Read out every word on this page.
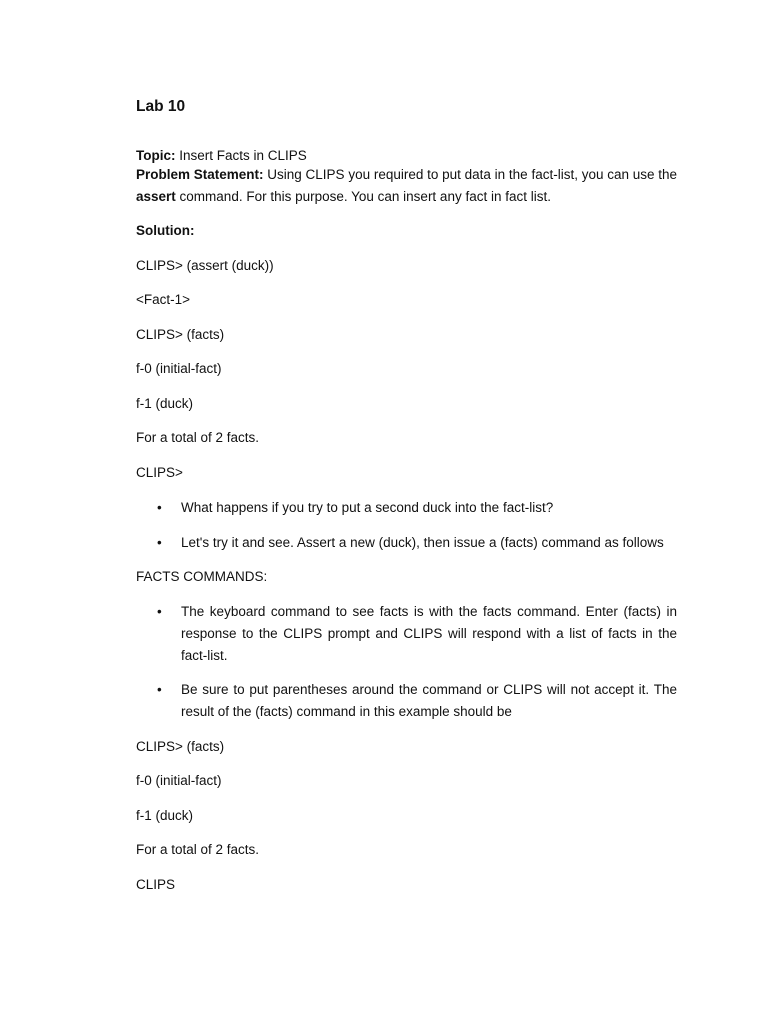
Lab 10
Topic: Insert Facts in CLIPS
Problem Statement: Using CLIPS you required to put data in the fact-list, you can use the assert command. For this purpose. You can insert any fact in fact list.
Solution:
CLIPS> (assert (duck))
<Fact-1>
CLIPS> (facts)
f-0 (initial-fact)
f-1 (duck)
For a total of 2 facts.
CLIPS>
•	What happens if you try to put a second duck into the fact-list?
•	Let's try it and see. Assert a new (duck), then issue a (facts) command as follows
FACTS COMMANDS:
•	The keyboard command to see facts is with the facts command. Enter (facts) in response to the CLIPS prompt and CLIPS will respond with a list of facts in the fact-list.
•	Be sure to put parentheses around the command or CLIPS will not accept it. The result of the (facts) command in this example should be
CLIPS> (facts)
f-0 (initial-fact)
f-1 (duck)
For a total of 2 facts.
CLIPS
